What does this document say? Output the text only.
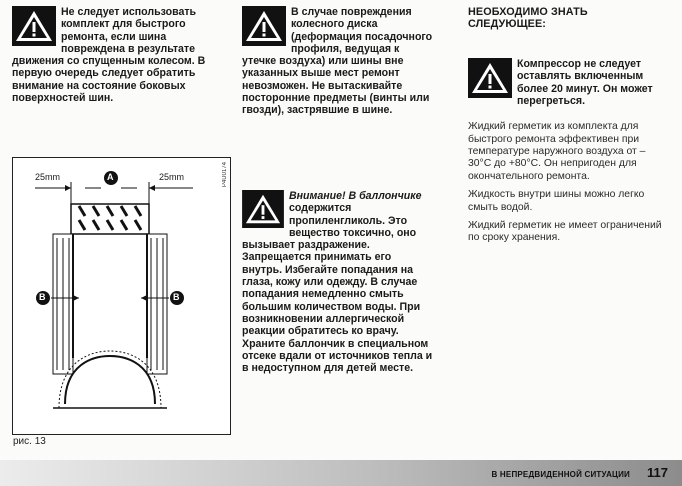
Не следует использовать комплект для быстрого ремонта, если шина повреждена в результате движения со спущенным колесом. В первую очередь следует обратить внимание на состояние боковых поверхностей шин.
25mm	25mm
A
B	B
P4U0174
рис. 13
В случае повреждения колесного диска (деформация посадочного профиля, ведущая к утечке воздуха) или шины вне указанных выше мест ремонт невозможен. Не вытаскивайте посторонние предметы (винты или гвозди), застрявшие в шине.
Внимание! В баллончике содержится пропиленгликоль. Это вещество токсично, оно вызывает раздражение. Запрещается принимать его внутрь. Избегайте попадания на глаза, кожу или одежду. В случае попадания немедленно смыть большим количеством воды. При возникновении аллергической реакции обратитесь ко врачу. Храните баллончик в специальном отсеке вдали от источников тепла и в недоступном для детей месте.
НЕОБХОДИМО ЗНАТЬ СЛЕДУЮЩЕЕ:
Компрессор не следует оставлять включенным более 20 минут. Он может перегреться.

Жидкий герметик из комплекта для быстрого ремонта эффективен при температуре наружного воздуха от –30°С до +80°С. Он непригоден для окончательного ремонта.

Жидкость внутри шины можно легко смыть водой.

Жидкий герметик не имеет ограничений по сроку хранения.

В НЕПРЕДВИДЕННОЙ СИТУАЦИИ 117
